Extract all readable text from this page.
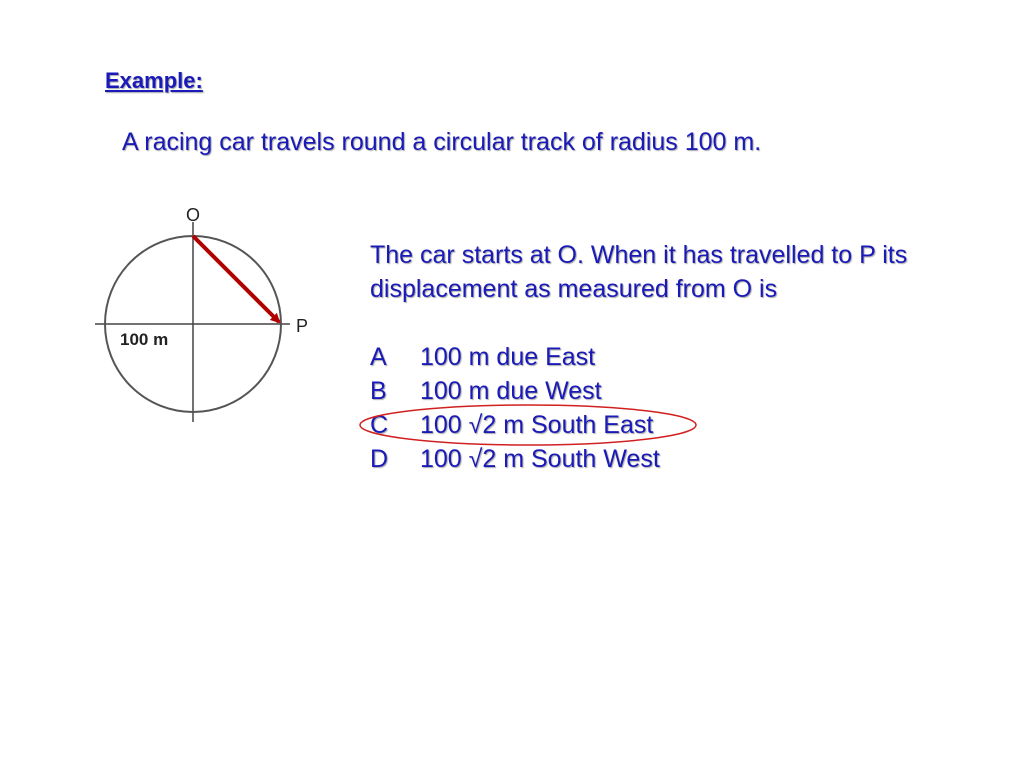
Example:

A racing car travels round a circular track of radius 100 m.

O
P
100 m
The car starts at O. When it has travelled to P its
displacement as measured from O is
A 100 m due East
B 100 m due West
C 100 √2 m South East
D 100 √2 m South West
